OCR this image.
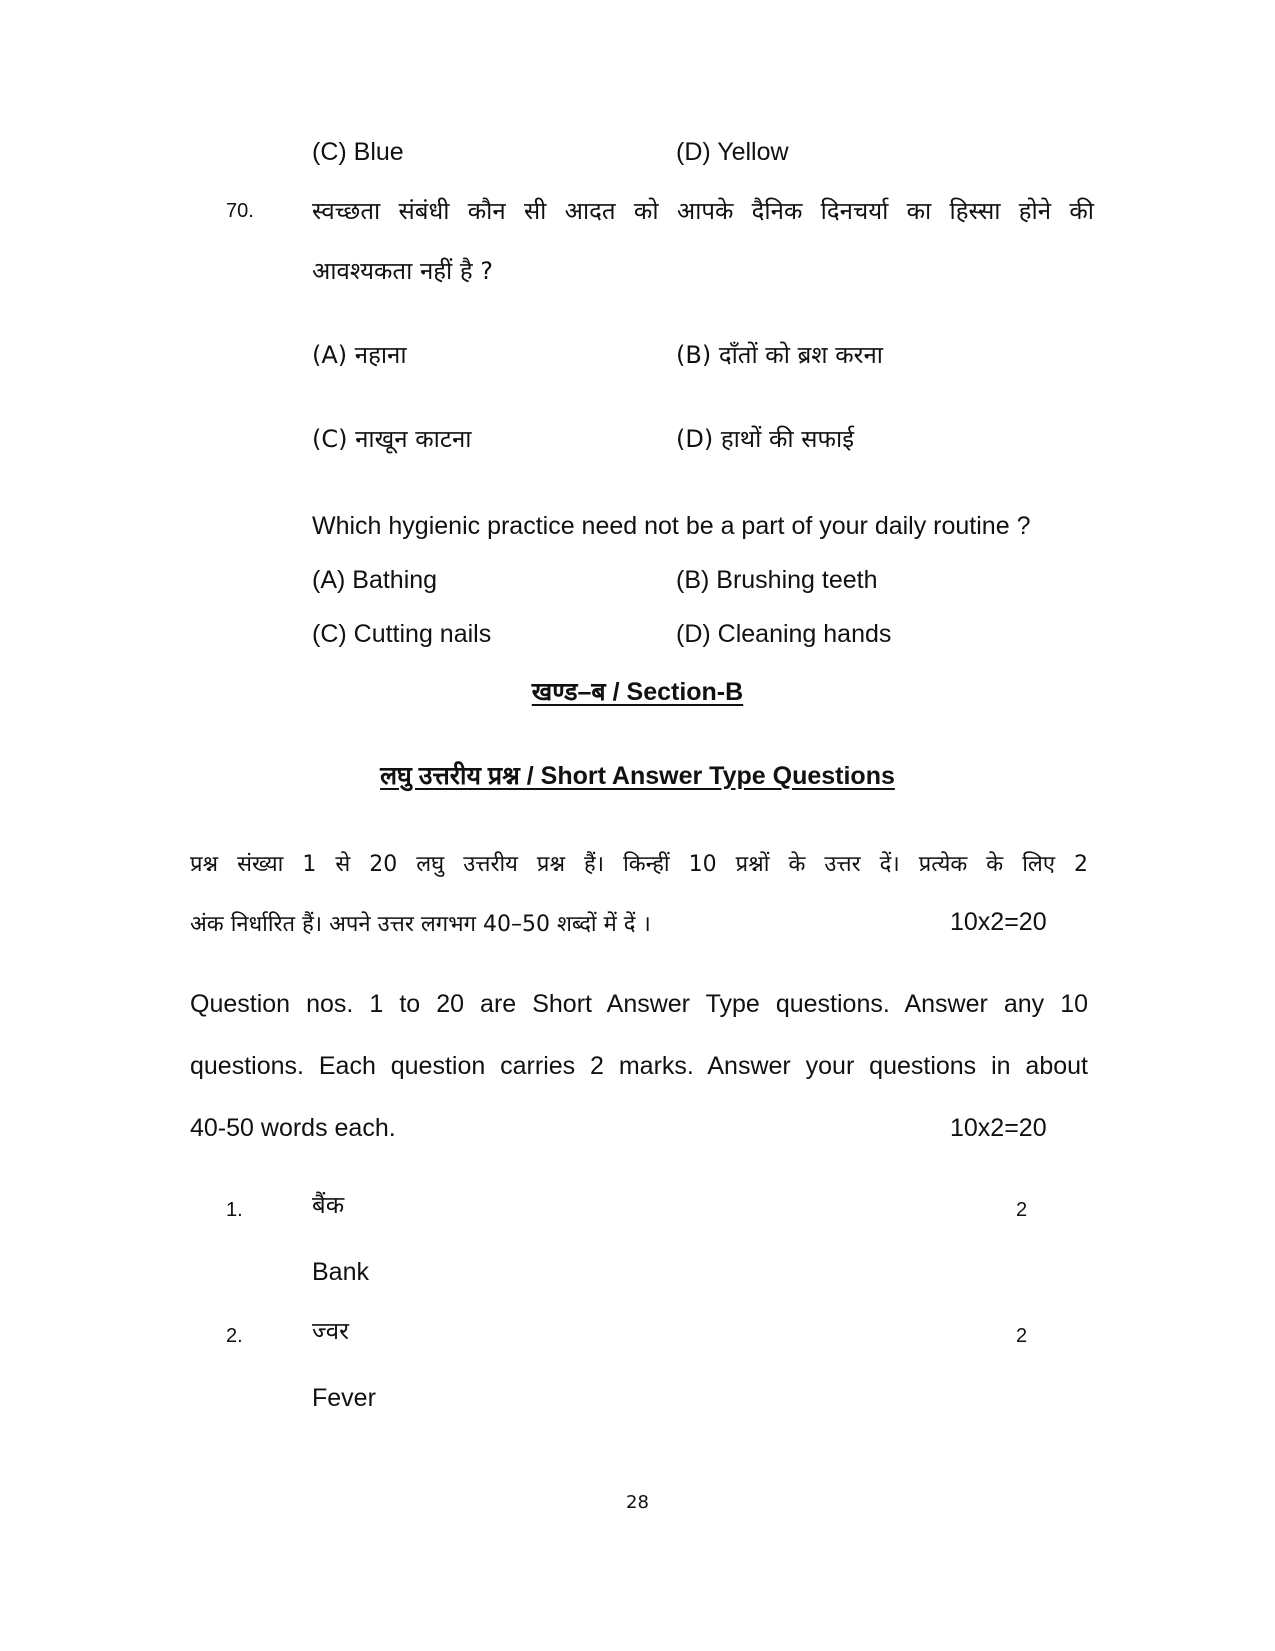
(C) Blue	(D) Yellow
70. स्वच्छता संबंधी कौन सी आदत को आपके दैनिक दिनचर्या का हिस्सा होने की
आवश्यकता नहीं है ?
(A) नहाना	(B) दाँतों को ब्रश करना
(C) नाखून काटना	(D) हाथों की सफाई
Which hygienic practice need not be a part of your daily routine ?
(A) Bathing	(B) Brushing teeth
(C) Cutting nails	(D) Cleaning hands
खण्ड–ब / Section-B
लघु उत्तरीय प्रश्न / Short Answer Type Questions
प्रश्न संख्या 1 से 20 लघु उत्तरीय प्रश्न हैं। किन्हीं 10 प्रश्नों के उत्तर दें। प्रत्येक के लिए 2
अंक निर्धारित हैं। अपने उत्तर लगभग 40–50 शब्दों में दें ।	10x2=20
Question nos. 1 to 20 are Short Answer Type questions. Answer any 10
questions. Each question carries 2 marks. Answer your questions in about
40-50 words each.	10x2=20
1.	बैंक	2
Bank
2.	ज्वर	2
Fever
28
